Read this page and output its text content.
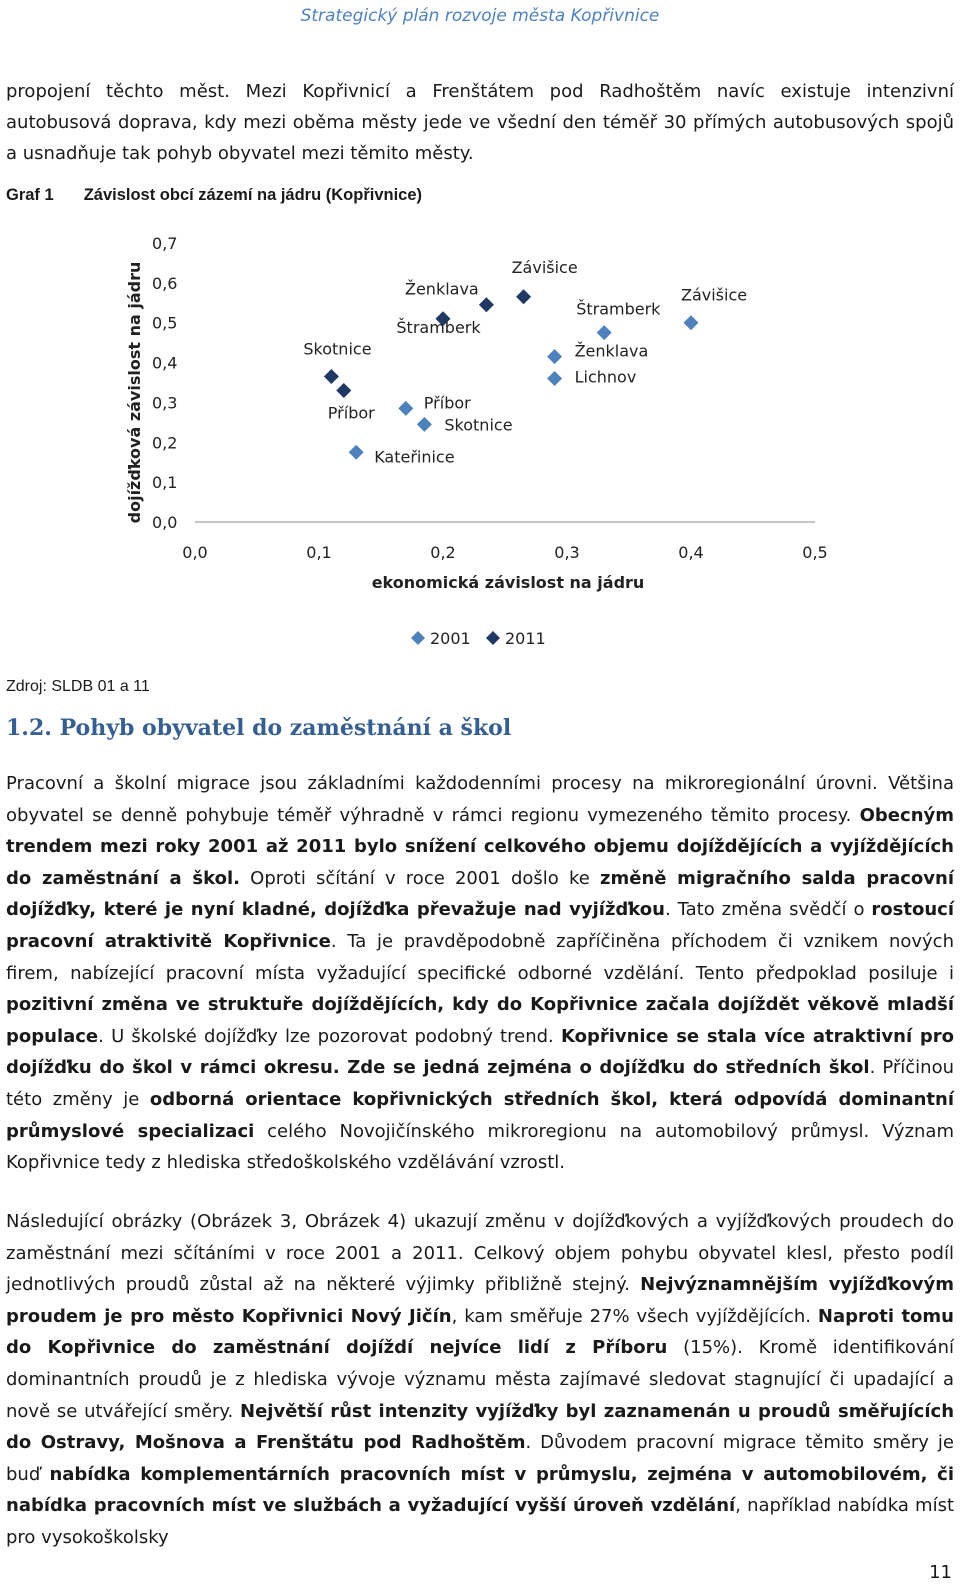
Strategický plán rozvoje města Kopřivnice

propojení těchto měst. Mezi Kopřivnicí a Frenštátem pod Radhoštěm navíc existuje intenzivní autobusová doprava, kdy mezi oběma městy jede ve všední den téměř 30 přímých autobusových spojů a usnadňuje tak pohyb obyvatel mezi těmito městy.

Graf 1 Závislost obcí zázemí na jádru (Kopřivnice)
0,0
0,1
0,2
0,3
0,4
0,5
0,6
0,7
0,0	0,1	0,2	0,3	0,4	0,5
ekonomická závislost na jádru
dojížďková závislost na jádru	Příbor
Skotnice
Kateřinice
Ženklava
Lichnov
Štramberk
Závišice
Skotnice
Příbor
Ženklava
Štramberk
Závišice
2001 2011
Zdroj: SLDB 01 a 11
1.2. Pohyb obyvatel do zaměstnání a škol

Pracovní a školní migrace jsou základními každodenními procesy na mikroregionální úrovni. Většina obyvatel se denně pohybuje téměř výhradně v rámci regionu vymezeného těmito procesy. Obecným trendem mezi roky 2001 až 2011 bylo snížení celkového objemu dojíždějících a vyjíždějících do zaměstnání a škol. Oproti sčítání v roce 2001 došlo ke změně migračního salda pracovní dojížďky, které je nyní kladné, dojížďka převažuje nad vyjížďkou. Tato změna svědčí o rostoucí pracovní atraktivitě Kopřivnice. Ta je pravděpodobně zapříčiněna příchodem či vznikem nových firem, nabízející pracovní místa vyžadující specifické odborné vzdělání. Tento předpoklad posiluje i pozitivní změna ve struktuře dojíždějících, kdy do Kopřivnice začala dojíždět věkově mladší populace. U školské dojížďky lze pozorovat podobný trend. Kopřivnice se stala více atraktivní pro dojížďku do škol v rámci okresu. Zde se jedná zejména o dojížďku do středních škol. Příčinou této změny je odborná orientace kopřivnických středních škol, která odpovídá dominantní průmyslové specializaci celého Novojičínského mikroregionu na automobilový průmysl. Význam Kopřivnice tedy z hlediska středoškolského vzdělávání vzrostl.

Následující obrázky (Obrázek 3, Obrázek 4) ukazují změnu v dojížďkových a vyjížďkových proudech do zaměstnání mezi sčítáními v roce 2001 a 2011. Celkový objem pohybu obyvatel klesl, přesto podíl jednotlivých proudů zůstal až na některé výjimky přibližně stejný. Nejvýznamnějším vyjížďkovým proudem je pro město Kopřivnici Nový Jičín, kam směřuje 27% všech vyjíždějících. Naproti tomu do Kopřivnice do zaměstnání dojíždí nejvíce lidí z Příboru (15%). Kromě identifikování dominantních proudů je z hlediska vývoje významu města zajímavé sledovat stagnující či upadající a nově se utvářející směry. Největší růst intenzity vyjížďky byl zaznamenán u proudů směřujících do Ostravy, Mošnova a Frenštátu pod Radhoštěm. Důvodem pracovní migrace těmito směry je buď nabídka komplementárních pracovních míst v průmyslu, zejména v automobilovém, či nabídka pracovních míst ve službách a vyžadující vyšší úroveň vzdělání, například nabídka míst pro vysokoškolsky

11
